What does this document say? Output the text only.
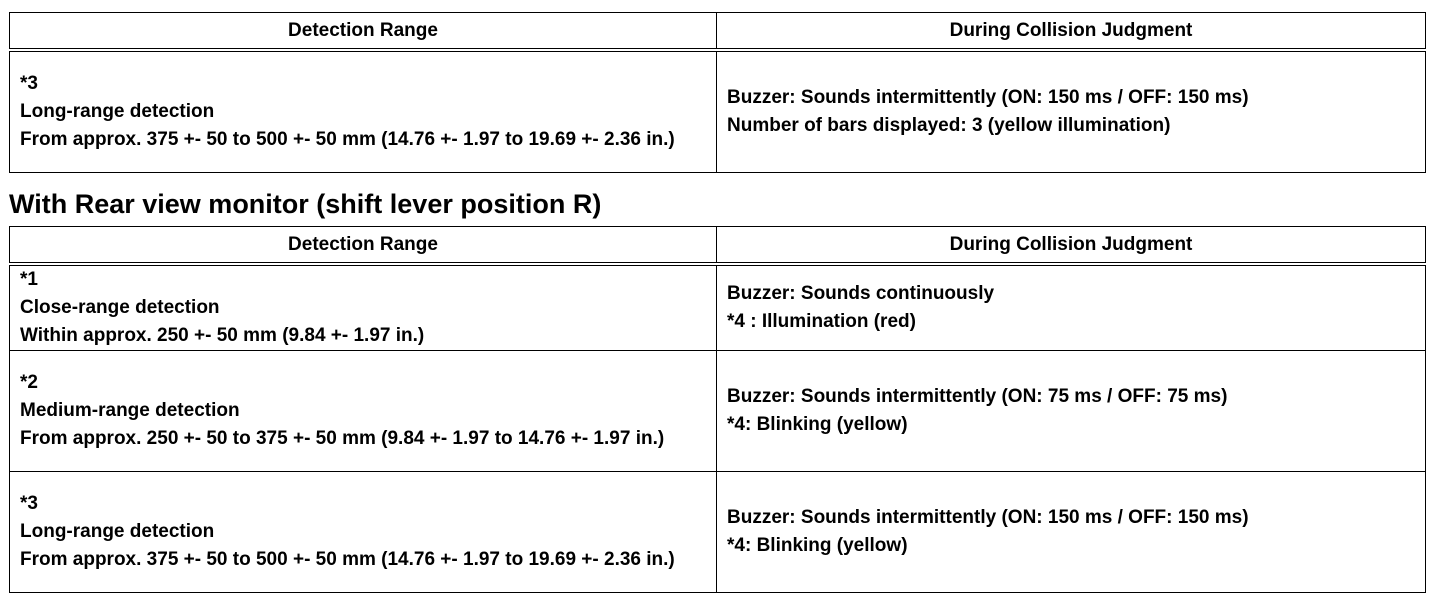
Detection Range	During Collision Judgment

*3
Long-range detection
From approx. 375 +- 50 to 500 +- 50 mm (14.76 +- 1.97 to 19.69 +- 2.36 in.)	Buzzer: Sounds intermittently (ON: 150 ms / OFF: 150 ms)
Number of bars displayed: 3 (yellow illumination)
With Rear view monitor (shift lever position R)
Detection Range	During Collision Judgment

*1
Close-range detection
Within approx. 250 +- 50 mm (9.84 +- 1.97 in.)	Buzzer: Sounds continuously
*4 : Illumination (red)

*2
Medium-range detection
From approx. 250 +- 50 to 375 +- 50 mm (9.84 +- 1.97 to 14.76 +- 1.97 in.)	Buzzer: Sounds intermittently (ON: 75 ms / OFF: 75 ms)
*4: Blinking (yellow)

*3
Long-range detection
From approx. 375 +- 50 to 500 +- 50 mm (14.76 +- 1.97 to 19.69 +- 2.36 in.)	Buzzer: Sounds intermittently (ON: 150 ms / OFF: 150 ms)
*4: Blinking (yellow)
